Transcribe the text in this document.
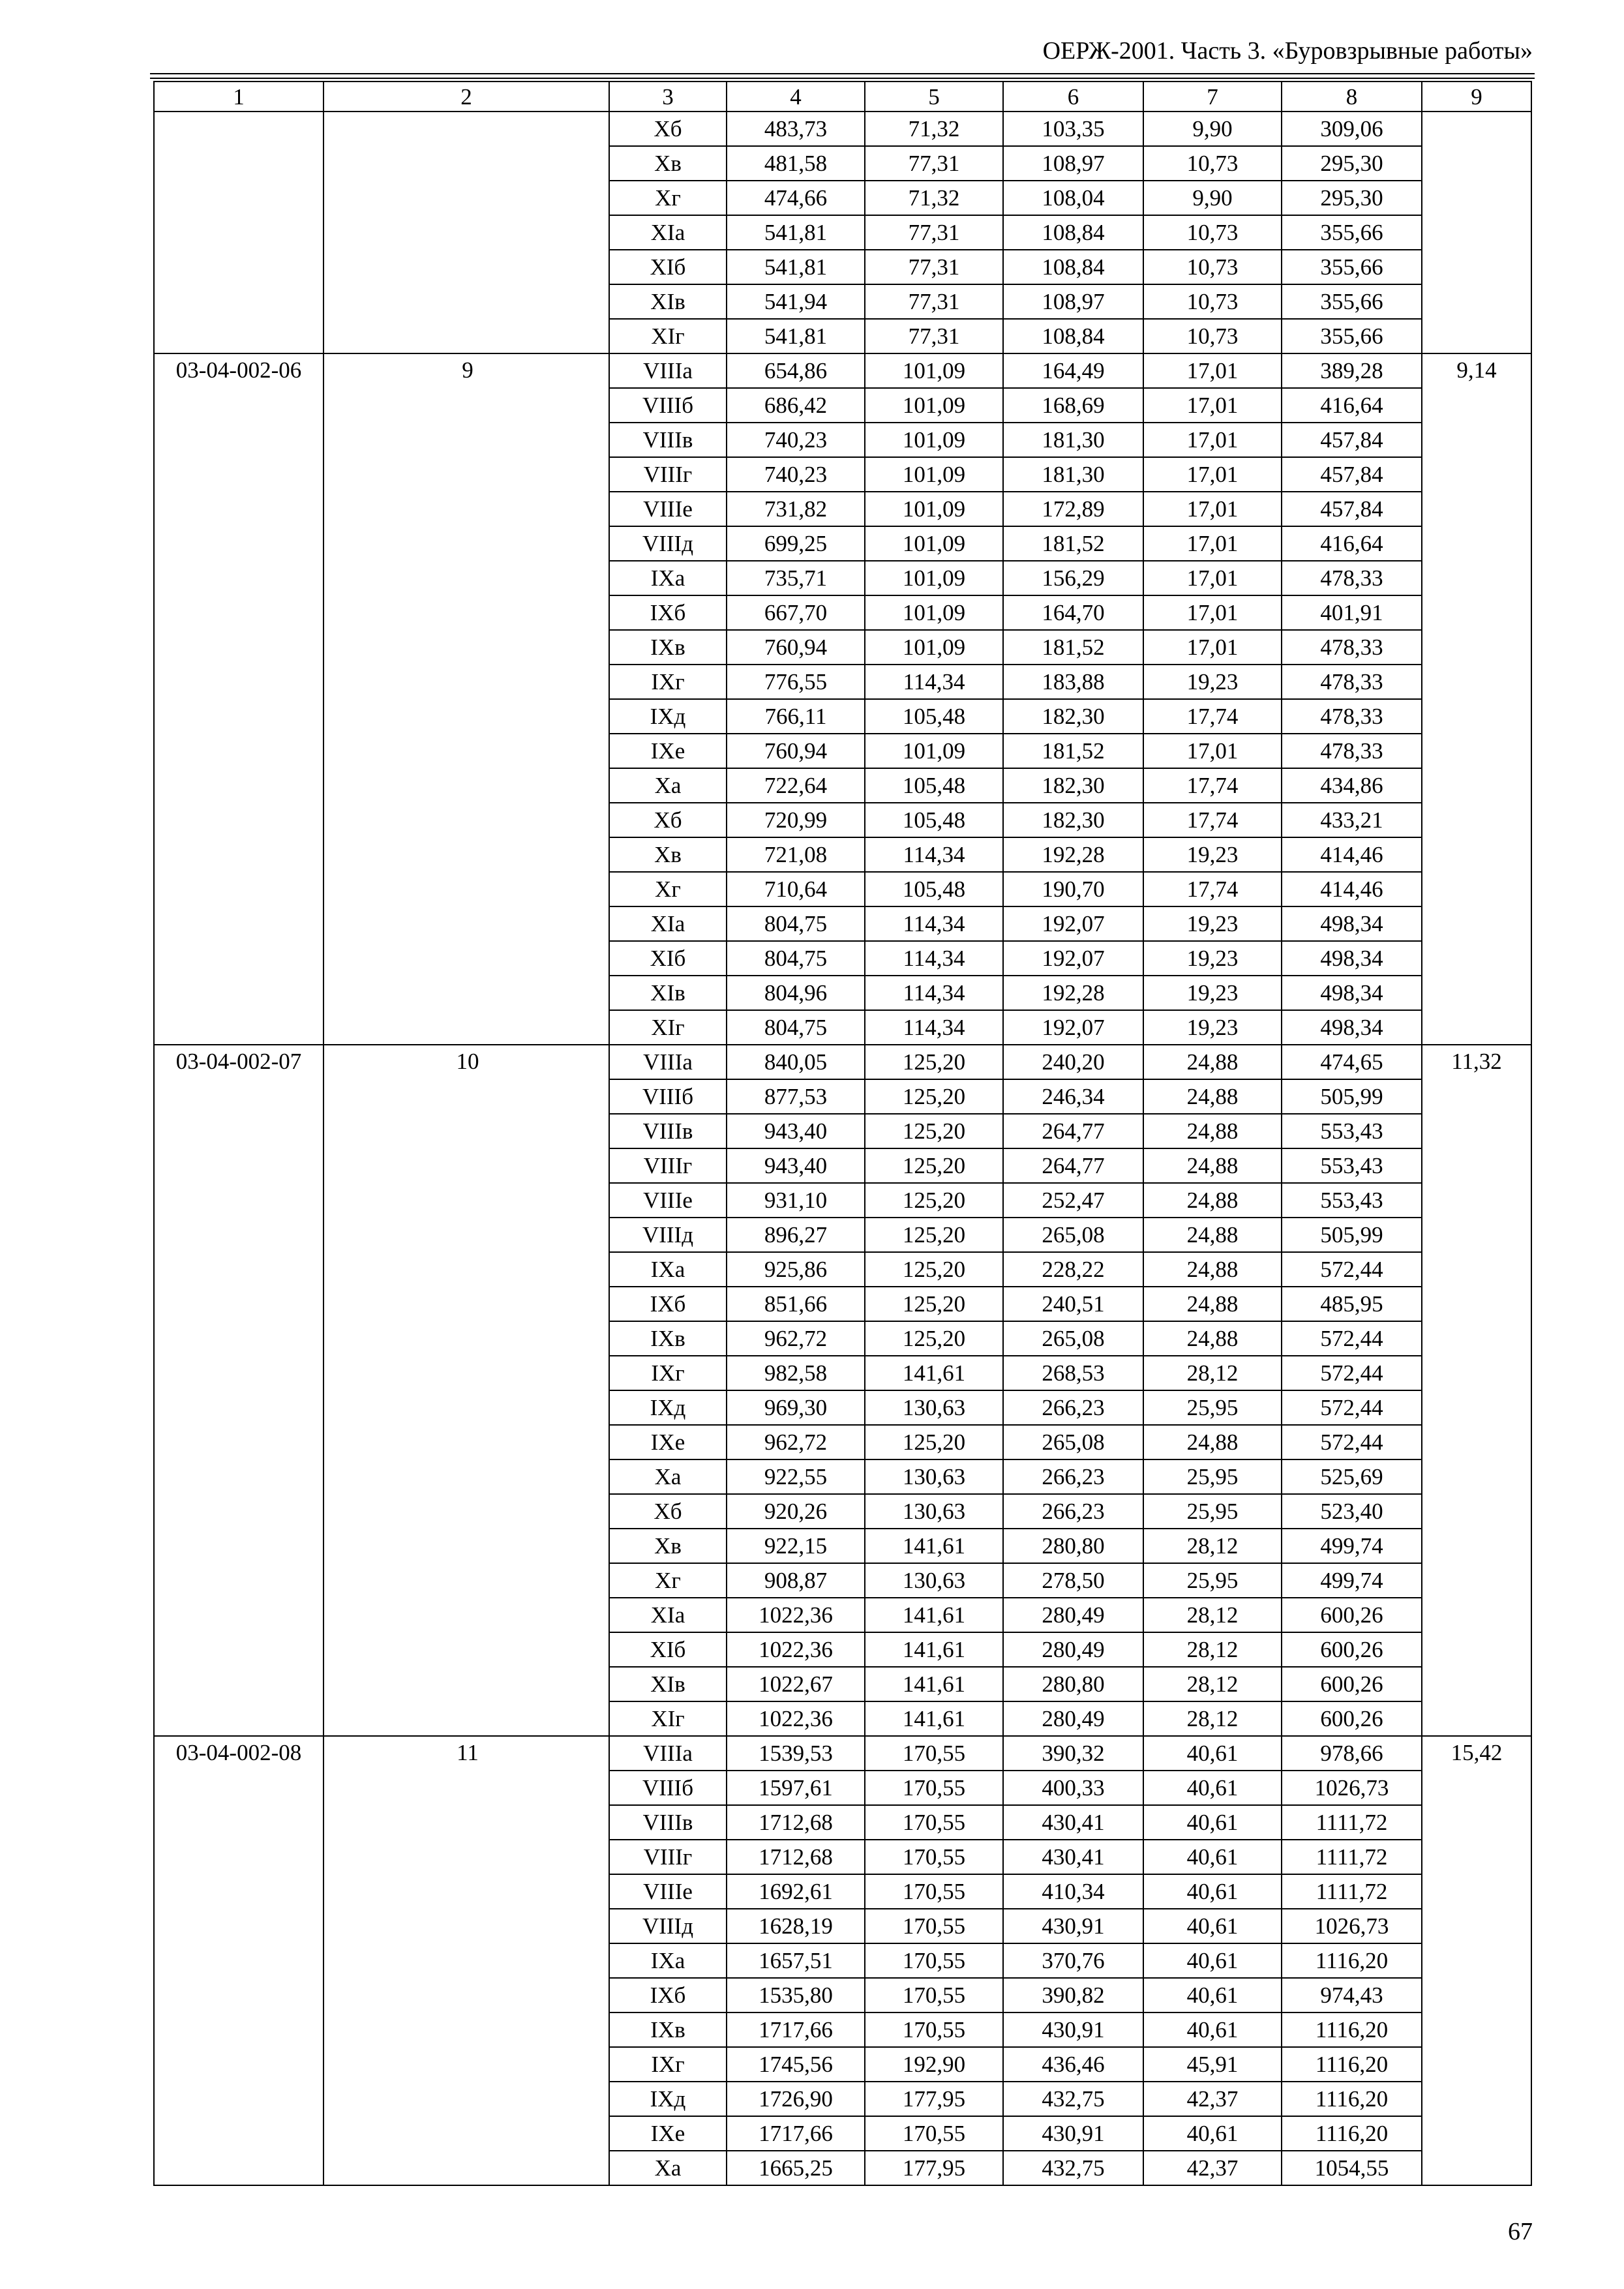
ОЕРЖ-2001. Часть 3. «Буровзрывные работы»
1	2	3	4	5	6	7	8	9
		Xб	483,73	71,32	103,35	9,90	309,06	
		Xв	481,58	77,31	108,97	10,73	295,30	
		Xг	474,66	71,32	108,04	9,90	295,30	
		XIа	541,81	77,31	108,84	10,73	355,66	
		XIб	541,81	77,31	108,84	10,73	355,66	
		XIв	541,94	77,31	108,97	10,73	355,66	
		XIг	541,81	77,31	108,84	10,73	355,66	
03-04-002-06	9	VIIIа	654,86	101,09	164,49	17,01	389,28	9,14
		VIIIб	686,42	101,09	168,69	17,01	416,64	
		VIIIв	740,23	101,09	181,30	17,01	457,84	
		VIIIг	740,23	101,09	181,30	17,01	457,84	
		VIIIе	731,82	101,09	172,89	17,01	457,84	
		VIIIд	699,25	101,09	181,52	17,01	416,64	
		IXа	735,71	101,09	156,29	17,01	478,33	
		IXб	667,70	101,09	164,70	17,01	401,91	
		IXв	760,94	101,09	181,52	17,01	478,33	
		IXг	776,55	114,34	183,88	19,23	478,33	
		IXд	766,11	105,48	182,30	17,74	478,33	
		IXе	760,94	101,09	181,52	17,01	478,33	
		Xа	722,64	105,48	182,30	17,74	434,86	
		Xб	720,99	105,48	182,30	17,74	433,21	
		Xв	721,08	114,34	192,28	19,23	414,46	
		Xг	710,64	105,48	190,70	17,74	414,46	
		XIа	804,75	114,34	192,07	19,23	498,34	
		XIб	804,75	114,34	192,07	19,23	498,34	
		XIв	804,96	114,34	192,28	19,23	498,34	
		XIг	804,75	114,34	192,07	19,23	498,34	
03-04-002-07	10	VIIIа	840,05	125,20	240,20	24,88	474,65	11,32
		VIIIб	877,53	125,20	246,34	24,88	505,99	
		VIIIв	943,40	125,20	264,77	24,88	553,43	
		VIIIг	943,40	125,20	264,77	24,88	553,43	
		VIIIе	931,10	125,20	252,47	24,88	553,43	
		VIIIд	896,27	125,20	265,08	24,88	505,99	
		IXа	925,86	125,20	228,22	24,88	572,44	
		IXб	851,66	125,20	240,51	24,88	485,95	
		IXв	962,72	125,20	265,08	24,88	572,44	
		IXг	982,58	141,61	268,53	28,12	572,44	
		IXд	969,30	130,63	266,23	25,95	572,44	
		IXе	962,72	125,20	265,08	24,88	572,44	
		Xа	922,55	130,63	266,23	25,95	525,69	
		Xб	920,26	130,63	266,23	25,95	523,40	
		Xв	922,15	141,61	280,80	28,12	499,74	
		Xг	908,87	130,63	278,50	25,95	499,74	
		XIа	1022,36	141,61	280,49	28,12	600,26	
		XIб	1022,36	141,61	280,49	28,12	600,26	
		XIв	1022,67	141,61	280,80	28,12	600,26	
		XIг	1022,36	141,61	280,49	28,12	600,26	
03-04-002-08	11	VIIIа	1539,53	170,55	390,32	40,61	978,66	15,42
		VIIIб	1597,61	170,55	400,33	40,61	1026,73	
		VIIIв	1712,68	170,55	430,41	40,61	1111,72	
		VIIIг	1712,68	170,55	430,41	40,61	1111,72	
		VIIIе	1692,61	170,55	410,34	40,61	1111,72	
		VIIIд	1628,19	170,55	430,91	40,61	1026,73	
		IXа	1657,51	170,55	370,76	40,61	1116,20	
		IXб	1535,80	170,55	390,82	40,61	974,43	
		IXв	1717,66	170,55	430,91	40,61	1116,20	
		IXг	1745,56	192,90	436,46	45,91	1116,20	
		IXд	1726,90	177,95	432,75	42,37	1116,20	
		IXе	1717,66	170,55	430,91	40,61	1116,20	
		Xа	1665,25	177,95	432,75	42,37	1054,55	
67
